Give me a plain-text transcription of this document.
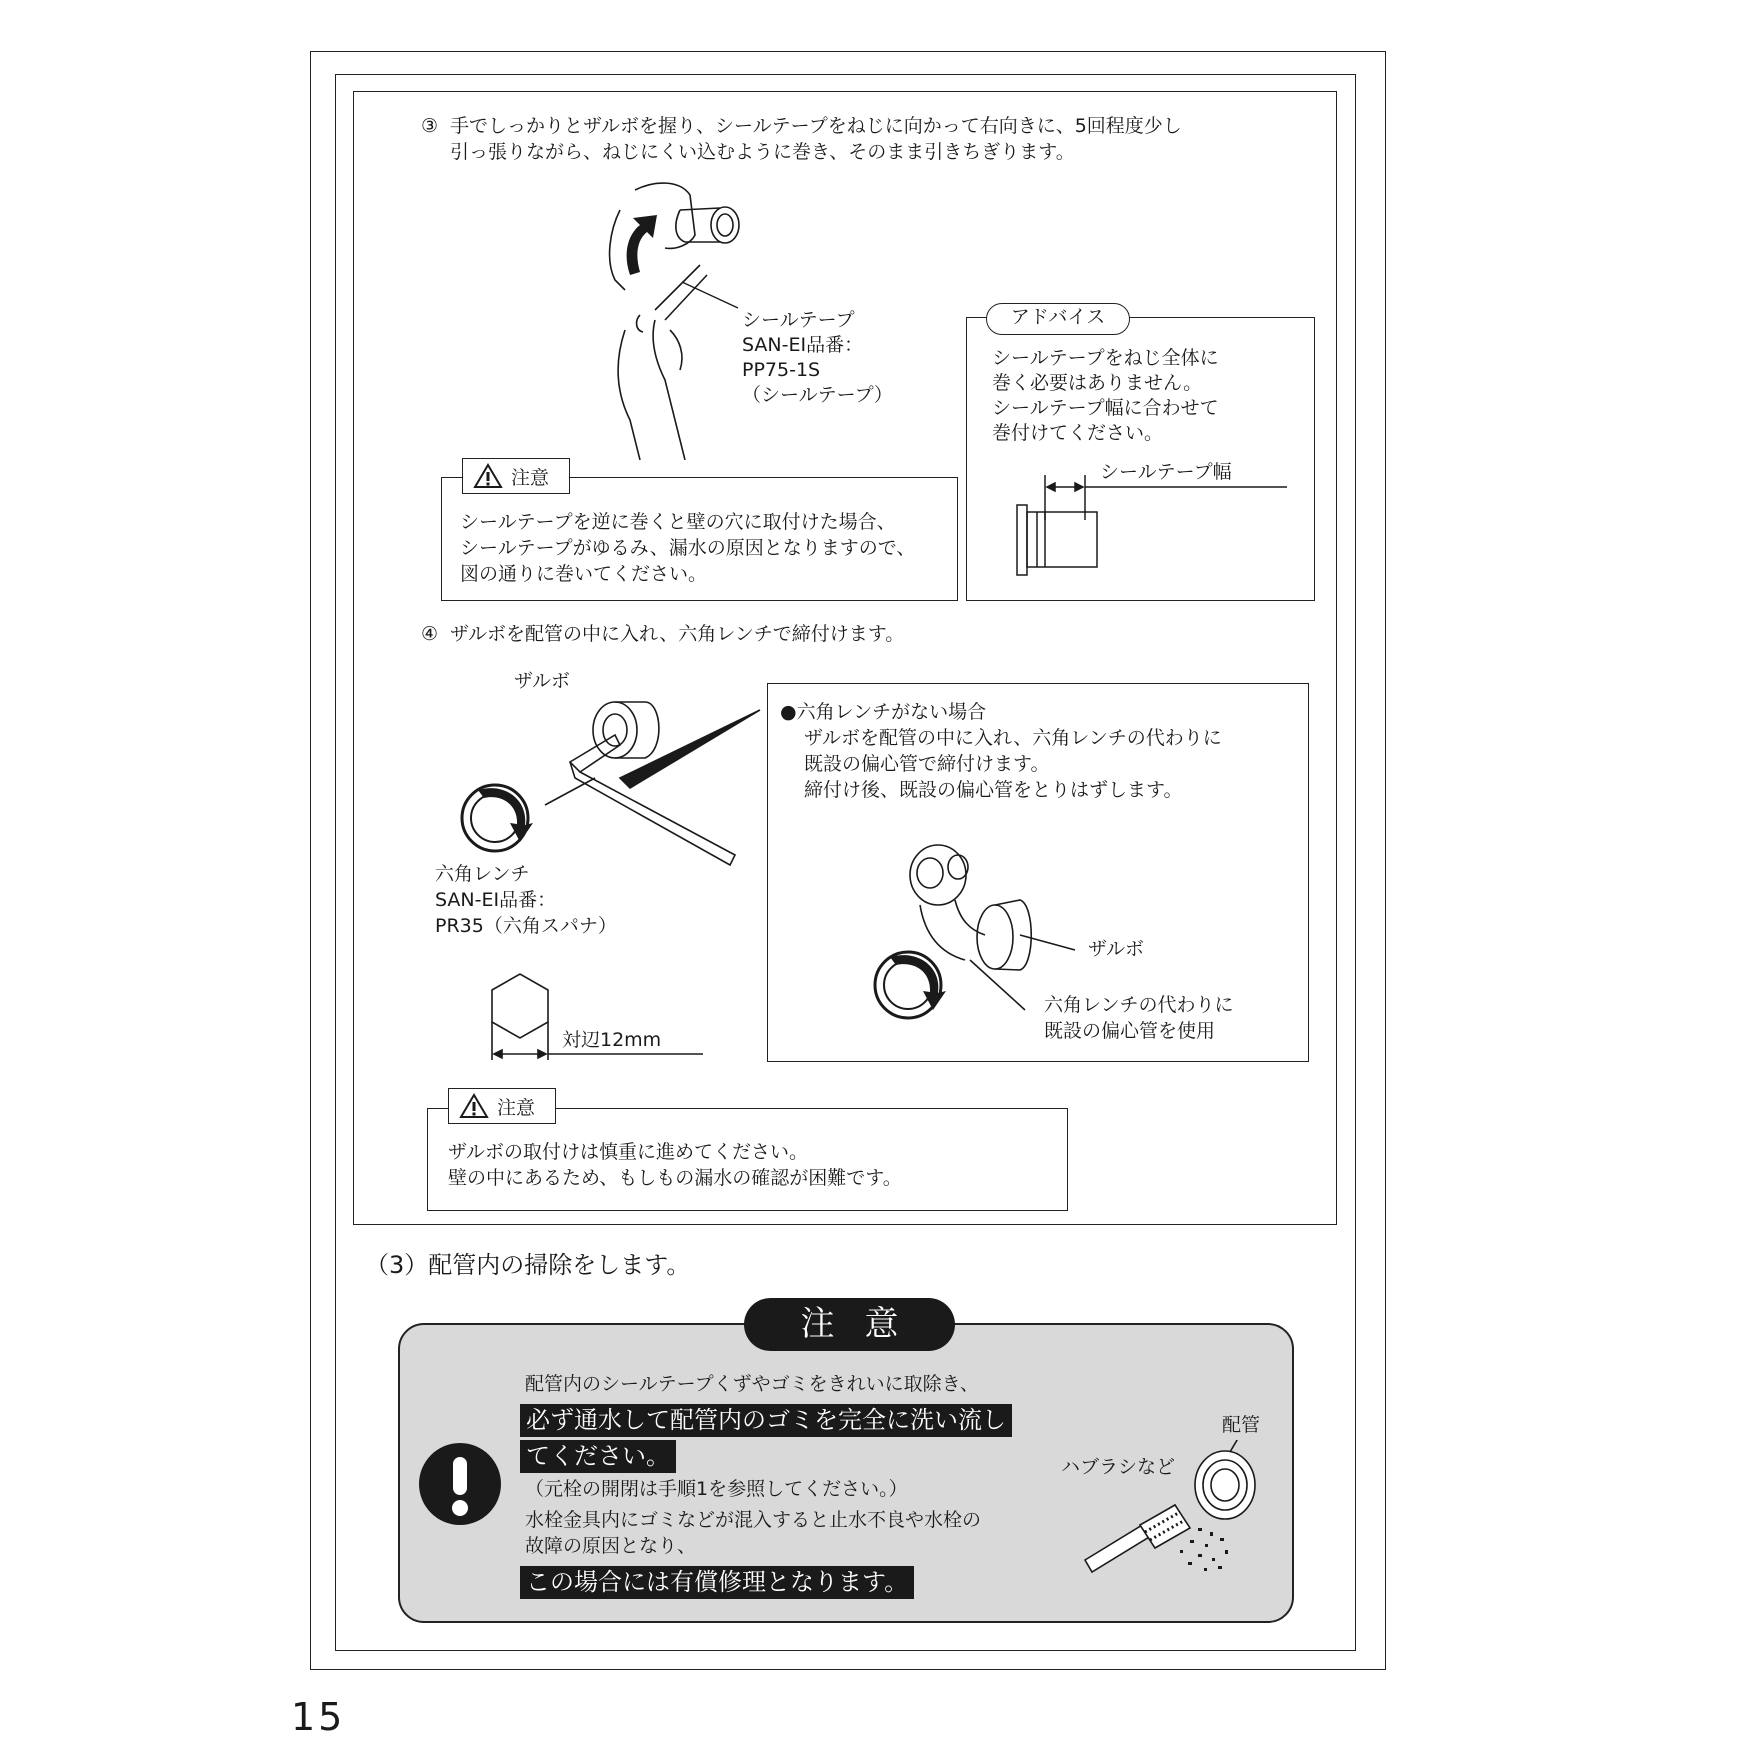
③ 手でしっかりとザルボを握り、シールテープをねじに向かって右向きに、5回程度少し
引っ張りながら、ねじにくい込むように巻き、そのまま引きちぎります。
シールテープ
SAN-EI品番：
PP75-1S
（シールテープ）
アドバイス
シールテープをねじ全体に
巻く必要はありません。
シールテープ幅に合わせて
巻付けてください。
シールテープ幅
注意
シールテープを逆に巻くと壁の穴に取付けた場合、
シールテープがゆるみ、漏水の原因となりますので、
図の通りに巻いてください。
④ ザルボを配管の中に入れ、六角レンチで締付けます。
ザルボ
六角レンチ
SAN-EI品番：
PR35（六角スパナ）
対辺12mm
●六角レンチがない場合
ザルボを配管の中に入れ、六角レンチの代わりに
既設の偏心管で締付けます。
締付け後、既設の偏心管をとりはずします。
ザルボ
六角レンチの代わりに
既設の偏心管を使用
注意
ザルボの取付けは慎重に進めてください。
壁の中にあるため、もしもの漏水の確認が困難です。
（3）配管内の掃除をします。
注意
配管内のシールテープくずやゴミをきれいに取除き、
必ず通水して配管内のゴミを完全に洗い流し
てください。
（元栓の開閉は手順1を参照してください。）
水栓金具内にゴミなどが混入すると止水不良や水栓の
故障の原因となり、
この場合には有償修理となります。
配管
ハブラシなど
15
